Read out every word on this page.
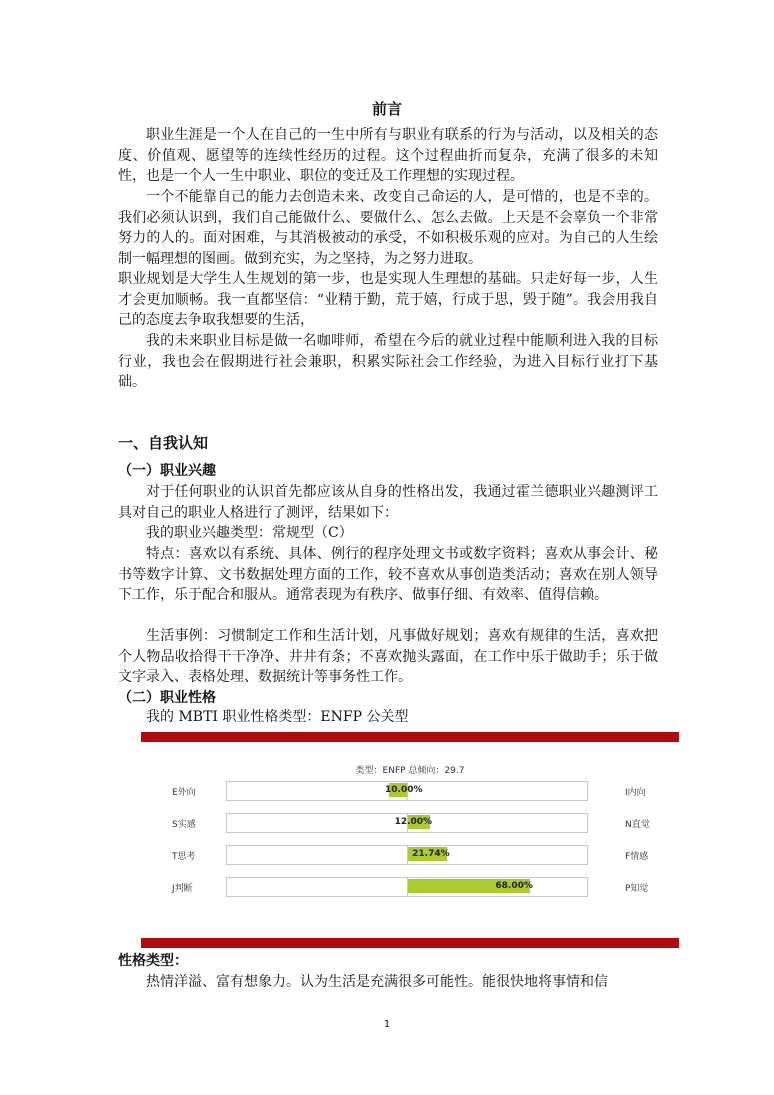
前言
职业生涯是一个人在自己的一生中所有与职业有联系的行为与活动，以及相关的态度、价值观、愿望等的连续性经历的过程。这个过程曲折而复杂，充满了很多的未知性，也是一个人一生中职业、职位的变迁及工作理想的实现过程。
一个不能靠自己的能力去创造未来、改变自己命运的人，是可惜的，也是不幸的。我们必须认识到，我们自己能做什么、要做什么、怎么去做。上天是不会辜负一个非常努力的人的。面对困难，与其消极被动的承受，不如积极乐观的应对。为自己的人生绘制一幅理想的图画。做到充实，为之坚持，为之努力进取。
职业规划是大学生人生规划的第一步，也是实现人生理想的基础。只走好每一步，人生才会更加顺畅。我一直都坚信：“业精于勤，荒于嬉，行成于思，毁于随”。我会用我自己的态度去争取我想要的生活，
我的未来职业目标是做一名咖啡师，希望在今后的就业过程中能顺利进入我的目标行业，我也会在假期进行社会兼职，积累实际社会工作经验，为进入目标行业打下基础。
一、自我认知
（一）职业兴趣
对于任何职业的认识首先都应该从自身的性格出发，我通过霍兰德职业兴趣测评工具对自己的职业人格进行了测评，结果如下：
我的职业兴趣类型：常规型（C）
特点：喜欢以有系统、具体、例行的程序处理文书或数字资料；喜欢从事会计、秘书等数字计算、文书数据处理方面的工作，较不喜欢从事创造类活动；喜欢在别人领导下工作，乐于配合和服从。通常表现为有秩序、做事仔细、有效率、值得信赖。
生活事例：习惯制定工作和生活计划，凡事做好规划；喜欢有规律的生活，喜欢把个人物品收拾得干干净净、井井有条；不喜欢抛头露面，在工作中乐于做助手；乐于做文字录入、表格处理、数据统计等事务性工作。
（二）职业性格
我的 MBTI 职业性格类型：ENFP 公关型
类型：ENFP 总倾向：29.7
E外向	10.00%	I内向
S实感	12.00%	N直觉
T思考	21.74%	F情感
J判断	68.00%	P知觉
性格类型：
热情洋溢、富有想象力。认为生活是充满很多可能性。能很快地将事情和信
1
